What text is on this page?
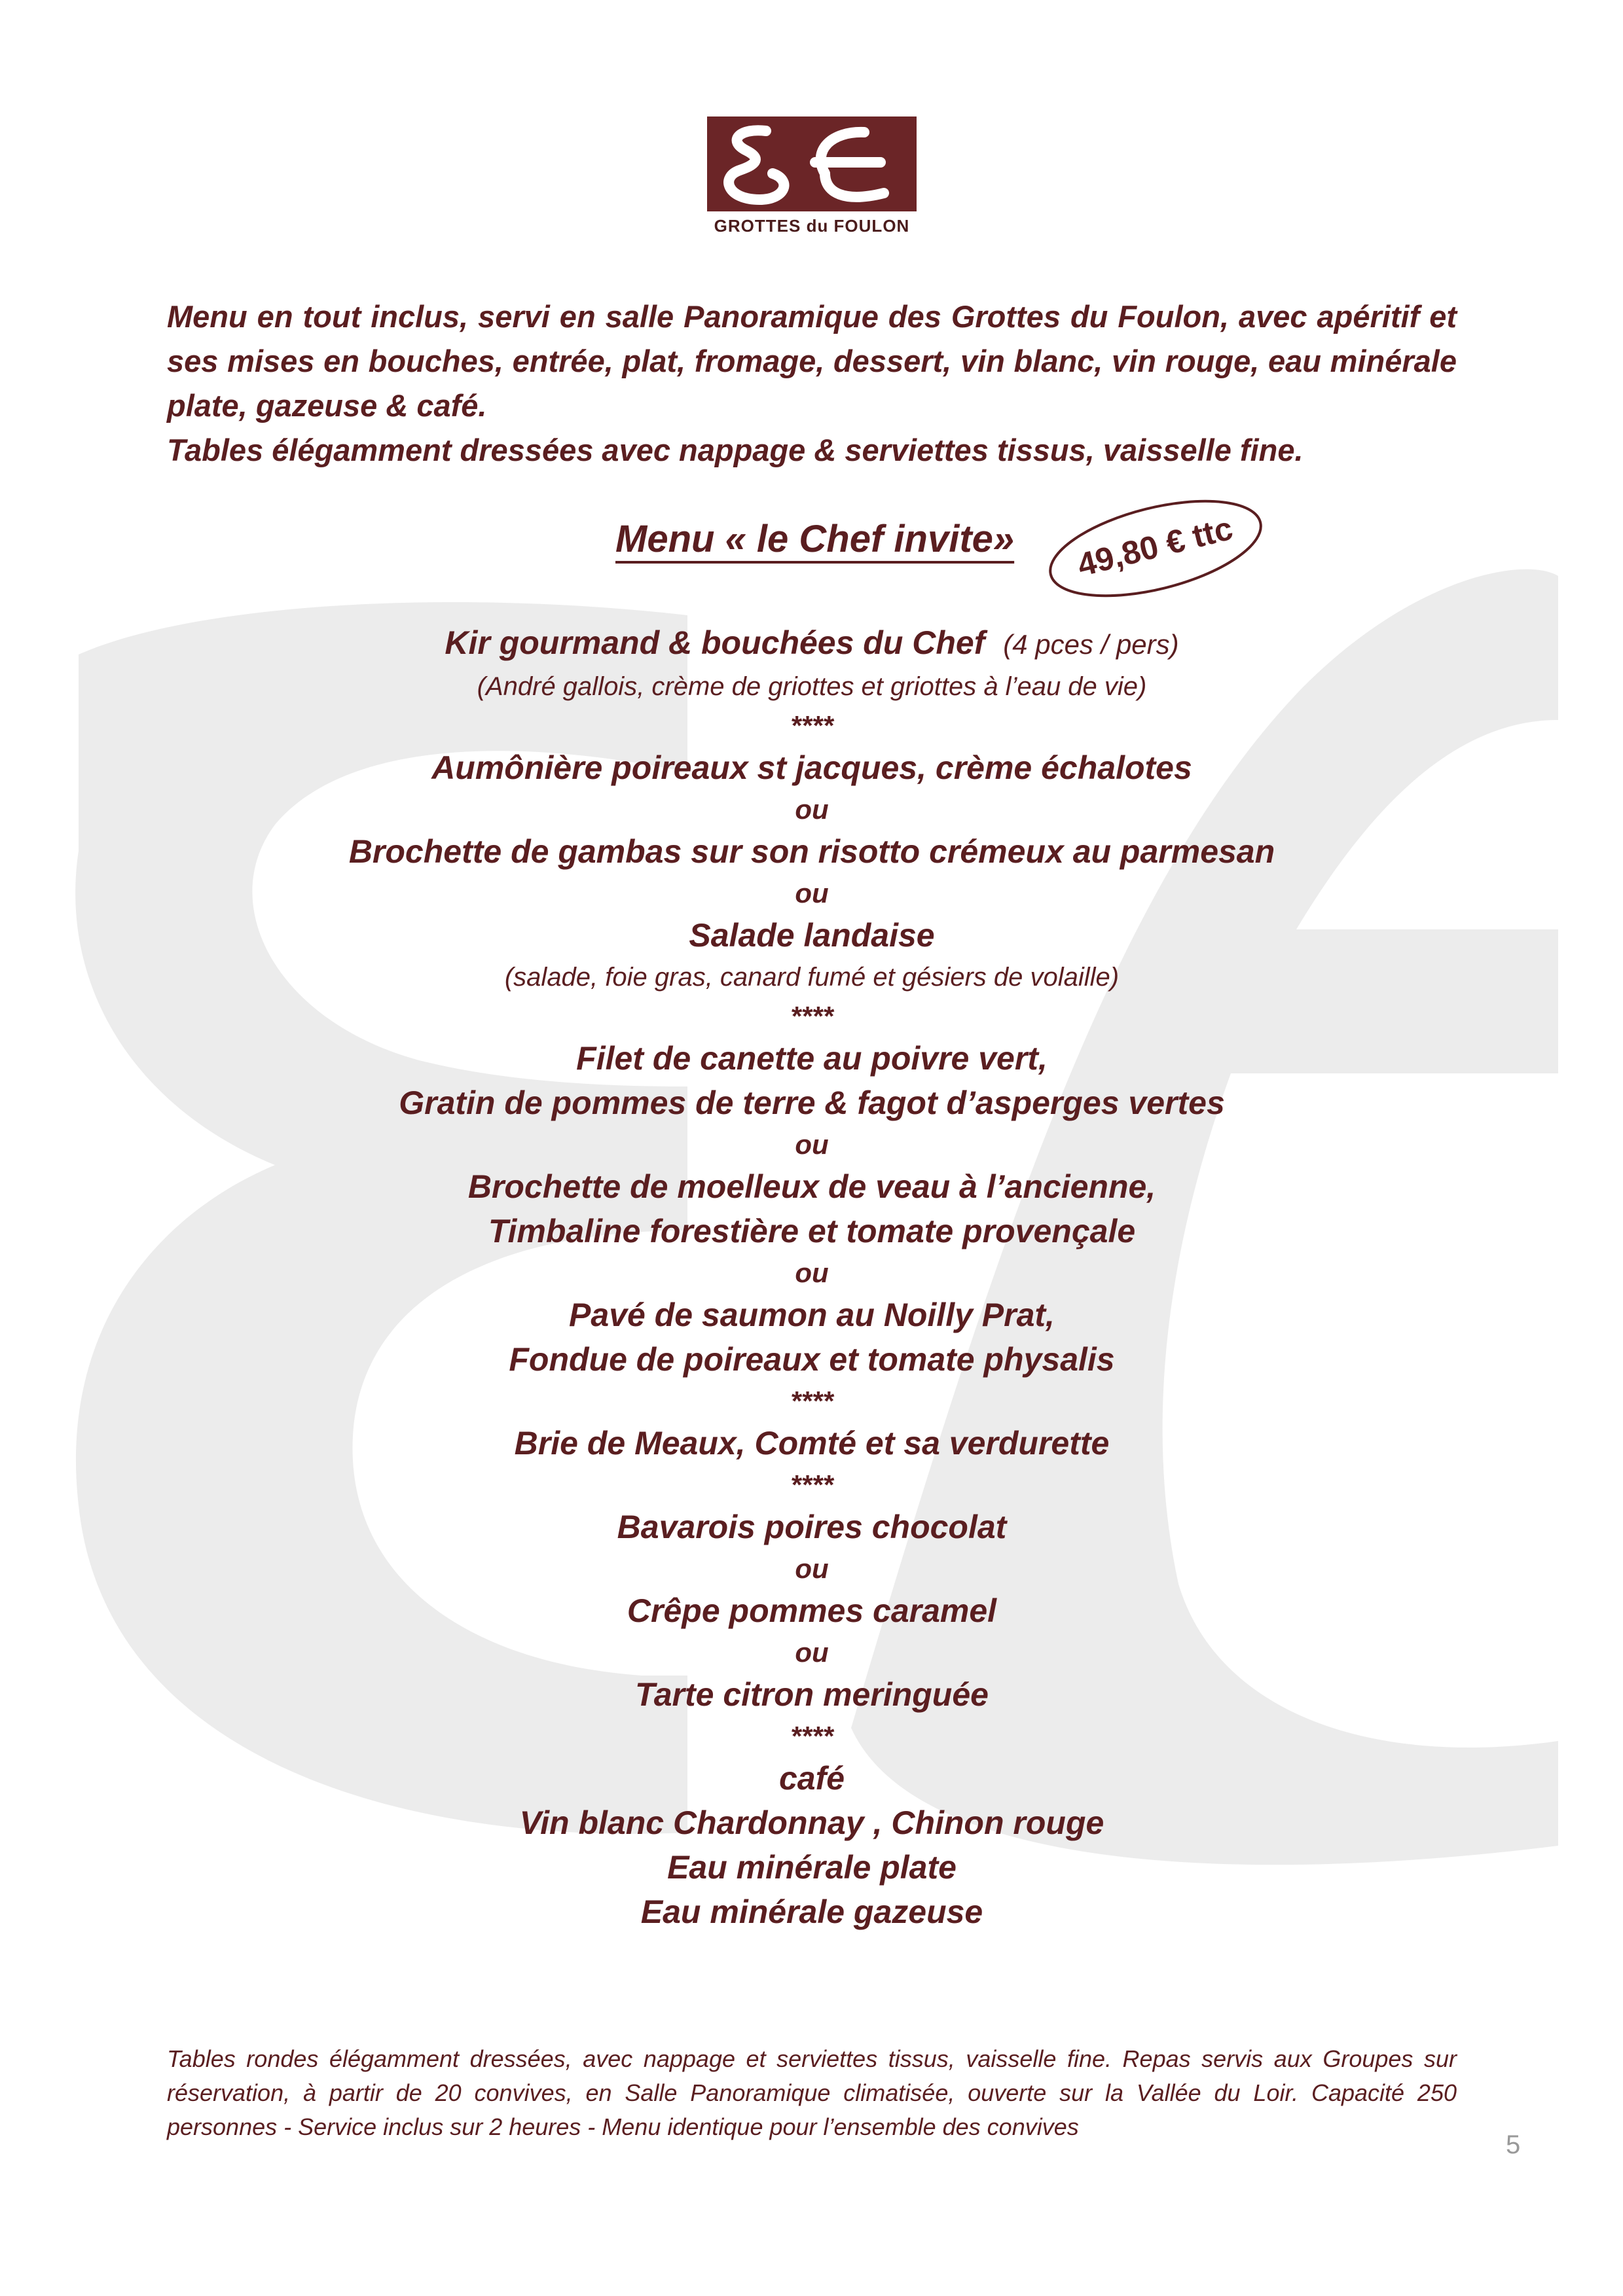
GROTTES du FOULON

Menu en tout inclus, servi en salle Panoramique des Grottes du Foulon, avec apéritif et ses mises en bouches, entrée, plat, fromage, dessert, vin blanc, vin rouge, eau minérale plate, gazeuse & café.

Tables élégamment dressées avec nappage & serviettes tissus, vaisselle fine.

Menu « le Chef invite»	49,80 € ttc
Kir gourmand & bouchées du Chef (4 pces / pers)
(André gallois, crème de griottes et griottes à l’eau de vie)
****
Aumônière poireaux st jacques, crème échalotes
ou
Brochette de gambas sur son risotto crémeux au parmesan
ou
Salade landaise
(salade, foie gras, canard fumé et gésiers de volaille)
****
Filet de canette au poivre vert,
Gratin de pommes de terre & fagot d’asperges vertes
ou
Brochette de moelleux de veau à l’ancienne,
Timbaline forestière et tomate provençale
ou
Pavé de saumon au Noilly Prat,
Fondue de poireaux et tomate physalis
****
Brie de Meaux, Comté et sa verdurette
****
Bavarois poires chocolat
ou
Crêpe pommes caramel
ou
Tarte citron meringuée
****
café
Vin blanc Chardonnay , Chinon rouge
Eau minérale plate
Eau minérale gazeuse
Tables rondes élégamment dressées, avec nappage et serviettes tissus, vaisselle fine. Repas servis aux Groupes sur réservation, à partir de 20 convives, en Salle Panoramique climatisée, ouverte sur la Vallée du Loir. Capacité 250 personnes - Service inclus sur 2 heures - Menu identique pour l’ensemble des convives
5
